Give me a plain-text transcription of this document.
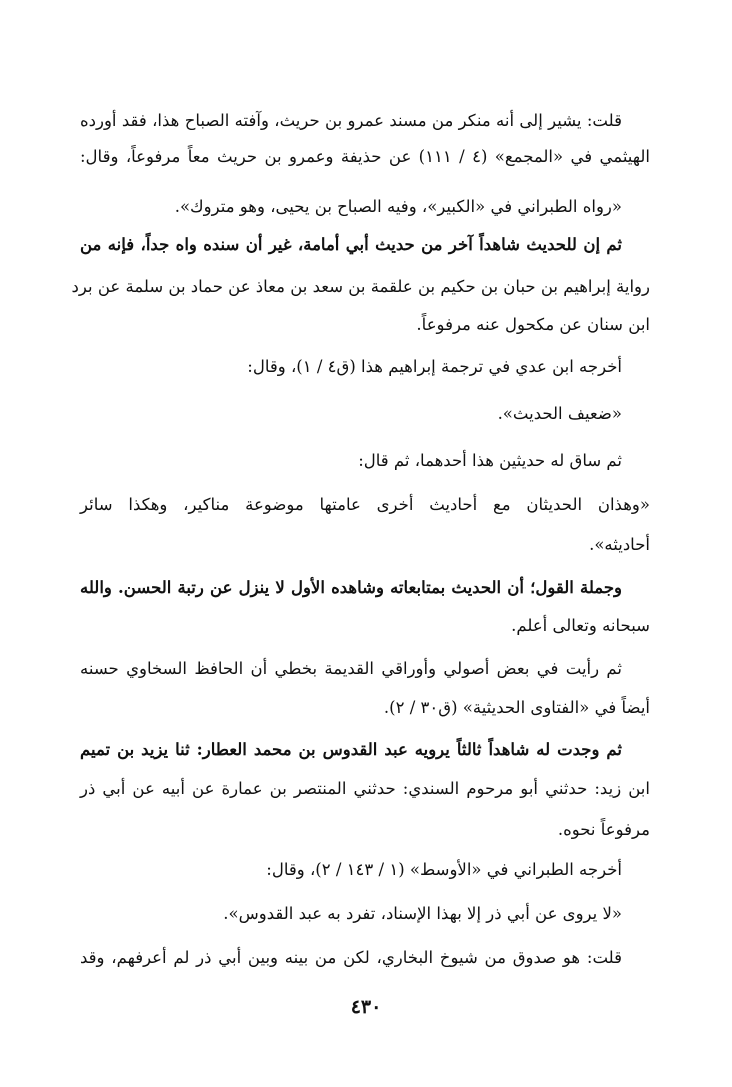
قلت: يشير إلى أنه منكر من مسند عمرو بن حريث، وآفته الصباح هذا، فقد أورده
الهيثمي في «المجمع» (٤ / ١١١) عن حذيفة وعمرو بن حريث معاً مرفوعاً، وقال:
«رواه الطبراني في «الكبير»، وفيه الصباح بن يحيى، وهو متروك».
ثم إن للحديث شاهداً آخر من حديث أبي أمامة، غير أن سنده واه جداً، فإنه من
رواية إبراهيم بن حبان بن حكيم بن علقمة بن سعد بن معاذ عن حماد بن سلمة عن برد
ابن سنان عن مكحول عنه مرفوعاً.
أخرجه ابن عدي في ترجمة إبراهيم هذا (ق٤ / ١)، وقال:
«ضعيف الحديث».
ثم ساق له حديثين هذا أحدهما، ثم قال:
«وهذان الحديثان مع أحاديث أخرى عامتها موضوعة مناكير، وهكذا سائر
أحاديثه».
وجملة القول؛ أن الحديث بمتابعاته وشاهده الأول لا ينزل عن رتبة الحسن. والله
سبحانه وتعالى أعلم.
ثم رأيت في بعض أصولي وأوراقي القديمة بخطي أن الحافظ السخاوي حسنه
أيضاً في «الفتاوى الحديثية» (ق٣٠ / ٢).
ثم وجدت له شاهداً ثالثاً يرويه عبد القدوس بن محمد العطار: ثنا يزيد بن تميم
ابن زيد: حدثني أبو مرحوم السندي: حدثني المنتصر بن عمارة عن أبيه عن أبي ذر
مرفوعاً نحوه.
أخرجه الطبراني في «الأوسط» (١ / ١٤٣ / ٢)، وقال:
«لا يروى عن أبي ذر إلا بهذا الإسناد، تفرد به عبد القدوس».
قلت: هو صدوق من شيوخ البخاري، لكن من بينه وبين أبي ذر لم أعرفهم، وقد
٤٣٠
